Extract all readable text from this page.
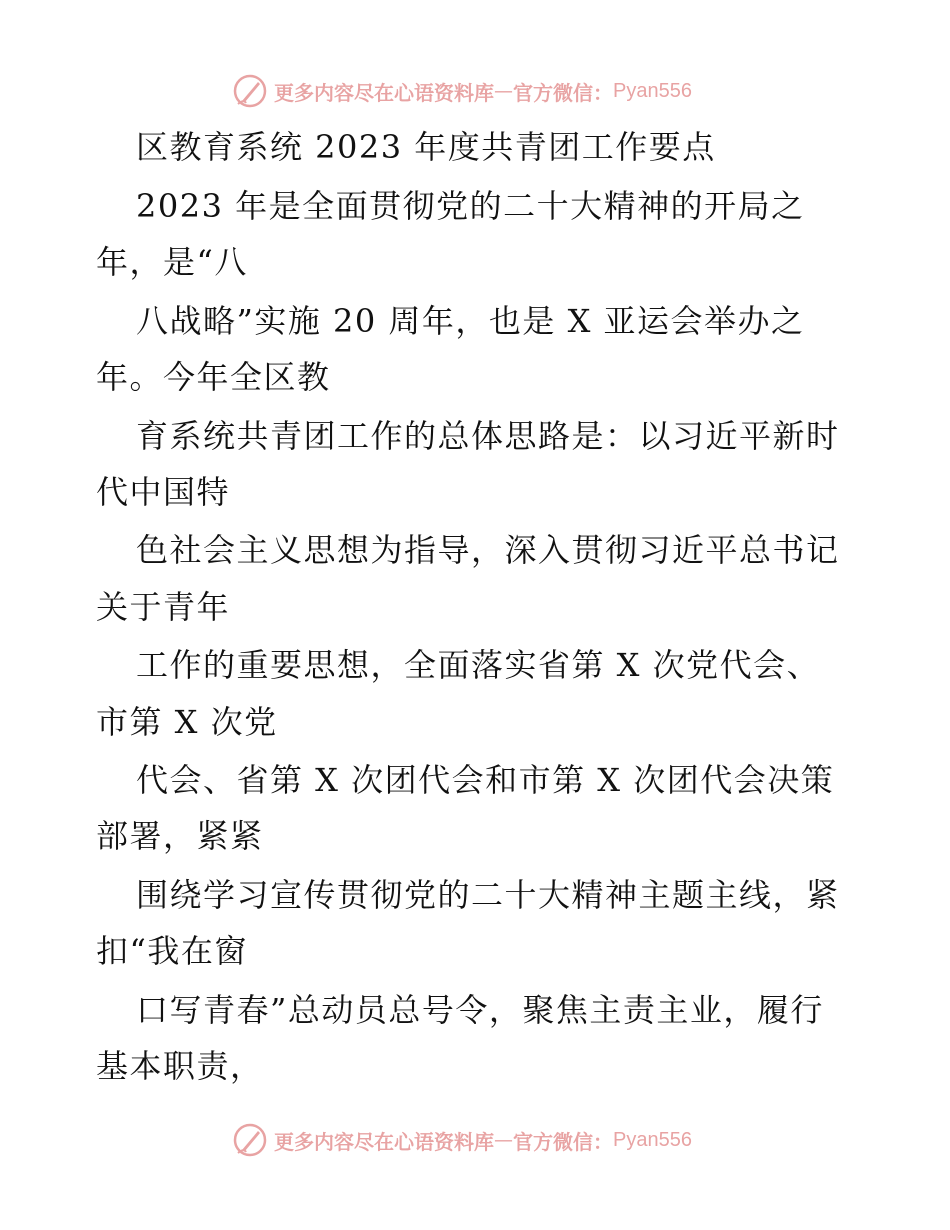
更多内容尽在心语资料库 — 官方微信： Pyan556
区教育系统 2023 年度共青团工作要点
2023 年是全面贯彻党的二十大精神的开局之
年，是“八
八战略”实施 20 周年，也是 X 亚运会举办之
年。今年全区教
育系统共青团工作的总体思路是：以习近平新时
代中国特
色社会主义思想为指导，深入贯彻习近平总书记
关于青年
工作的重要思想，全面落实省第 X 次党代会、
市第 X 次党
代会、省第 X 次团代会和市第 X 次团代会决策
部署，紧紧
围绕学习宣传贯彻党的二十大精神主题主线，紧
扣“我在窗
口写青春”总动员总号令，聚焦主责主业，履行
基本职责，
更多内容尽在心语资料库 — 官方微信： Pyan556
